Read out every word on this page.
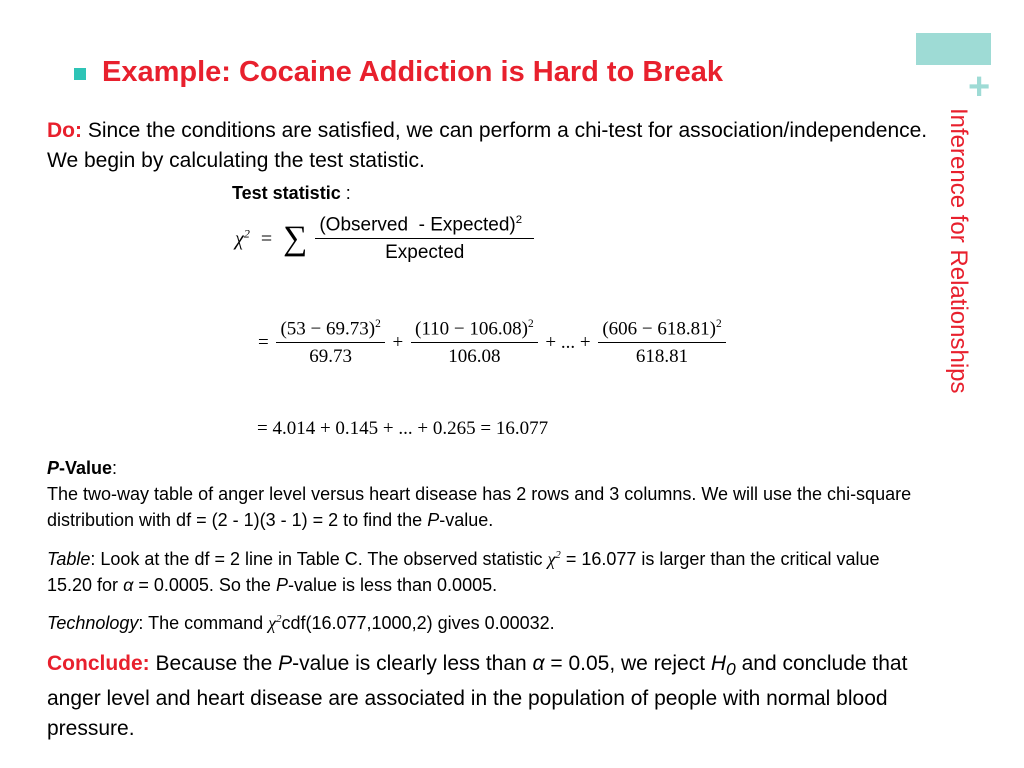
+
Inference for Relationships
Example: Cocaine Addiction is Hard to Break
Do: Since the conditions are satisfied, we can perform a chi-test for association/independence. We begin by calculating the test statistic.
Test statistic :
$\chi^2$ = ∑ $\frac{(Observed - Expected)^2}{\text{Expected}}$
= $\frac{(53 - 69.73)^2}{69.73} + \frac{(110 - 106.08)^2}{106.08}$ + ... + $\frac{(606 - 618.81)^2}{618.81}$
= 4.014 + 0.145 + ... + 0.265 = 16.077
P-Value:
The two-way table of anger level versus heart disease has 2 rows and 3 columns. We will use the chi-square distribution with df = (2 - 1)(3 - 1) = 2 to find the P-value.
Table: Look at the df = 2 line in Table C. The observed statistic $\chi^2 = 16.077$ is larger than the critical value 15.20 for α = 0.0005. So the P-value is less than 0.0005.
Technology: The command $\chi^2cdf(16.077,1000,2)$ gives 0.00032.
Conclude: Because the P-value is clearly less than α = 0.05, we reject $H_0$ and conclude that anger level and heart disease are associated in the population of people with normal blood pressure.
